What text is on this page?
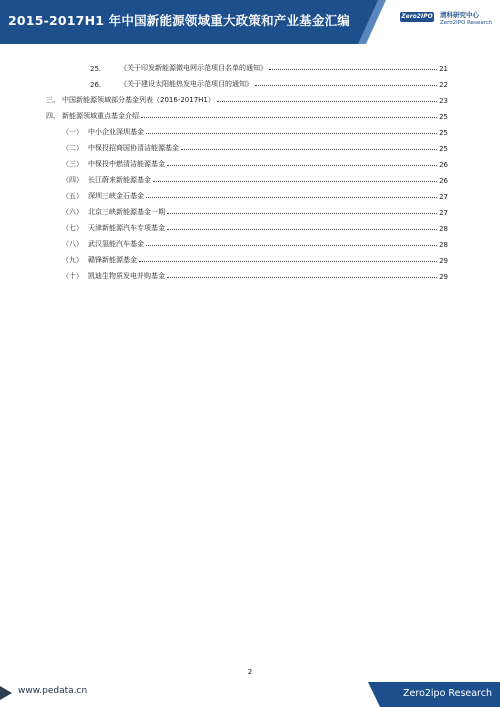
2015-2017H1 年中国新能源领域重大政策和产业基金汇编	Zero2IPO 清科研究中心
Zero2IPO Research
25.	《关于印发新能源微电网示范项目名单的通知》	21
26.	《关于建设太阳能热发电示范项目的通知》	22
三、 中国新能源领域部分基金列表（2016-2017H1）	23
四、 新能源领域重点基金介绍	25
（一） 中小企业深圳基金	25
（二） 中保投招商国协清洁能源基金	25
（三） 中保投中燃清洁能源基金	26
（四） 长江蔚来新能源基金	26
（五） 深圳三峡金石基金	27
（六） 北京三峡新能源基金一期	27
（七） 天津新能源汽车专项基金	28
（八） 武汉氢能汽车基金	28
（九） 赣锋新能源基金	29
（十） 凯迪生物质发电并购基金	29
2
www.pedata.cn	Zero2ipo Research
